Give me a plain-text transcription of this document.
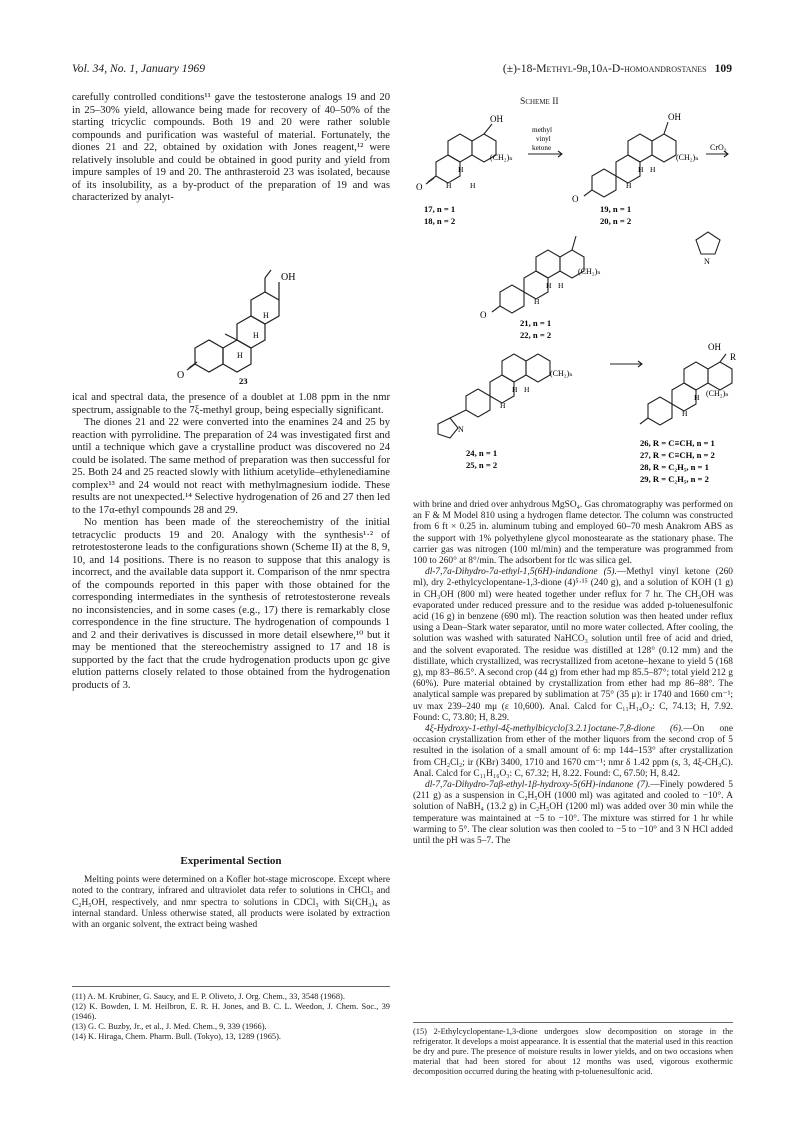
Vol. 34, No. 1, January 1969	(±)-18-Methyl-9β,10α-D-homoandrostanes 109

carefully controlled conditions¹¹ gave the testosterone analogs 19 and 20 in 25–30% yield, allowance being made for recovery of 40–50% of the starting tricyclic compounds. Both 19 and 20 were rather soluble compounds and purification was wasteful of material. Fortunately, the diones 21 and 22, obtained by oxidation with Jones reagent,¹² were relatively insoluble and could be obtained in good purity and yield from impure samples of 19 and 20. The anthrasteroid 23 was isolated, because of its insolubility, as a by-product of the preparation of 19 and was characterized by analyt-

OH
O
H
H
H
23

ical and spectral data, the presence of a doublet at 1.08 ppm in the nmr spectrum, assignable to the 7ξ-methyl group, being especially significant.

The diones 21 and 22 were converted into the enamines 24 and 25 by reaction with pyrrolidine. The preparation of 24 was investigated first and until a technique which gave a crystalline product was discovered no 24 could be isolated. The same method of preparation was then successful for 25. Both 24 and 25 reacted slowly with lithium acetylide–ethylenediamine complex¹³ and 24 would not react with methylmagnesium iodide. These results are not unexpected.¹⁴ Selective hydrogenation of 26 and 27 then led to the 17α-ethyl compounds 28 and 29.

No mention has been made of the stereochemistry of the initial tetracyclic products 19 and 20. Analogy with the synthesis¹·² of retrotestosterone leads to the configurations shown (Scheme II) at the 8, 9, 10, and 14 positions. There is no reason to suppose that this analogy is incorrect, and the available data support it. Comparison of the nmr spectra of the compounds reported in this paper with those obtained for the corresponding intermediates in the synthesis of retrotestosterone reveals no inconsistencies, and in some cases (e.g., 17) there is remarkably close correspondence in the fine structure. The hydrogenation of compounds 1 and 2 and their derivatives is discussed in more detail elsewhere,¹⁰ but it may be mentioned that the stereochemistry assigned to 17 and 18 is supported by the fact that the crude hydrogenation products upon gc give elution patterns closely related to those obtained from the hydrogenation products of 3.

Experimental Section

Melting points were determined on a Kofler hot-stage microscope. Except where noted to the contrary, infrared and ultraviolet data refer to solutions in CHCl₃ and C₂H₅OH, respectively, and nmr spectra to solutions in CDCl₃ with Si(CH₃)₄ as internal standard. Unless otherwise stated, all products were isolated by extraction with an organic solvent, the extract being washed

(11) A. M. Krubiner, G. Saucy, and E. P. Oliveto, J. Org. Chem., 33, 3548 (1968).

(12) K. Bowden, I. M. Heilbron, E. R. H. Jones, and B. C. L. Weedon, J. Chem. Soc., 39 (1946).

(13) G. C. Buzby, Jr., et al., J. Med. Chem., 9, 339 (1966).

(14) K. Hiraga, Chem. Pharm. Bull. (Tokyo), 13, 1289 (1965).

Scheme II
OH
(CH₂)ₙ
O
H
H H
17, n = 1
18, n = 2
methyl
vinyl
ketone
OH
(CH₂)ₙ
O
H
H
H
19, n = 1
20, n = 2
CrO₃
(CH₂)ₙ
O
H
H
H
21, n = 1
22, n = 2
N
(CH₂)ₙ
N
H
H
H
24, n = 1
25, n = 2
OH
R
(CH₂)ₙ
H
H
26, R = C≡CH, n = 1
27, R = C≡CH, n = 2
28, R = C₂H₅, n = 1
29, R = C₂H₅, n = 2

with brine and dried over anhydrous MgSO₄. Gas chromatography was performed on an F & M Model 810 using a hydrogen flame detector. The column was constructed from 6 ft × 0.25 in. aluminum tubing and employed 60–70 mesh Anakrom ABS as the support with 1% polyethylene glycol monostearate as the stationary phase. The carrier gas was nitrogen (100 ml/min) and the temperature was programmed from 100 to 260° at 8°/min. The adsorbent for tlc was silica gel.

dl-7,7a-Dihydro-7a-ethyl-1,5(6H)-indandione (5).—Methyl vinyl ketone (260 ml), dry 2-ethylcyclopentane-1,3-dione (4)⁵·¹⁵ (240 g), and a solution of KOH (1 g) in CH₃OH (800 ml) were heated together under reflux for 7 hr. The CH₃OH was evaporated under reduced pressure and to the residue was added p-toluenesulfonic acid (16 g) in benzene (690 ml). The reaction solution was then heated under reflux using a Dean–Stark water separator, until no more water collected. After cooling, the solution was washed with saturated NaHCO₃ solution until free of acid and dried, and the solvent evaporated. The residue was distilled at 128° (0.12 mm) and the distillate, which crystallized, was recrystallized from acetone–hexane to yield 5 (168 g), mp 83–86.5°. A second crop (44 g) from ether had mp 85.5–87°; total yield 212 g (60%). Pure material obtained by crystallization from ether had mp 86–88°. The analytical sample was prepared by sublimation at 75° (35 μ): ir 1740 and 1660 cm⁻¹; uv max 239–240 mμ (ε 10,600). Anal. Calcd for C₁₁H₁₄O₂: C, 74.13; H, 7.92. Found: C, 73.80; H, 8.29.

4ξ-Hydroxy-1-ethyl-4ξ-methylbicyclo[3.2.1]octane-7,8-dione (6).—On one occasion crystallization from ether of the mother liquors from the second crop of 5 resulted in the isolation of a small amount of 6: mp 144–153° after crystallization from CH₂Cl₂; ir (KBr) 3400, 1710 and 1670 cm⁻¹; nmr δ 1.42 ppm (s, 3, 4ξ-CH₃C). Anal. Calcd for C₁₁H₁₆O₃: C, 67.32; H, 8.22. Found: C, 67.50; H, 8.42.

dl-7,7a-Dihydro-7aβ-ethyl-1β-hydroxy-5(6H)-indanone (7).—Finely powdered 5 (211 g) as a suspension in C₂H₅OH (1000 ml) was agitated and cooled to −10°. A solution of NaBH₄ (13.2 g) in C₂H₅OH (1200 ml) was added over 30 min while the temperature was maintained at −5 to −10°. The mixture was stirred for 1 hr while warming to 5°. The clear solution was then cooled to −5 to −10° and 3 N HCl added until the pH was 5–7. The

(15) 2-Ethylcyclopentane-1,3-dione undergoes slow decomposition on storage in the refrigerator. It develops a moist appearance. It is essential that the material used in this reaction be dry and pure. The presence of moisture results in lower yields, and on two occasions when material that had been stored for about 12 months was used, vigorous exothermic decomposition occurred during the heating with p-toluenesulfonic acid.
